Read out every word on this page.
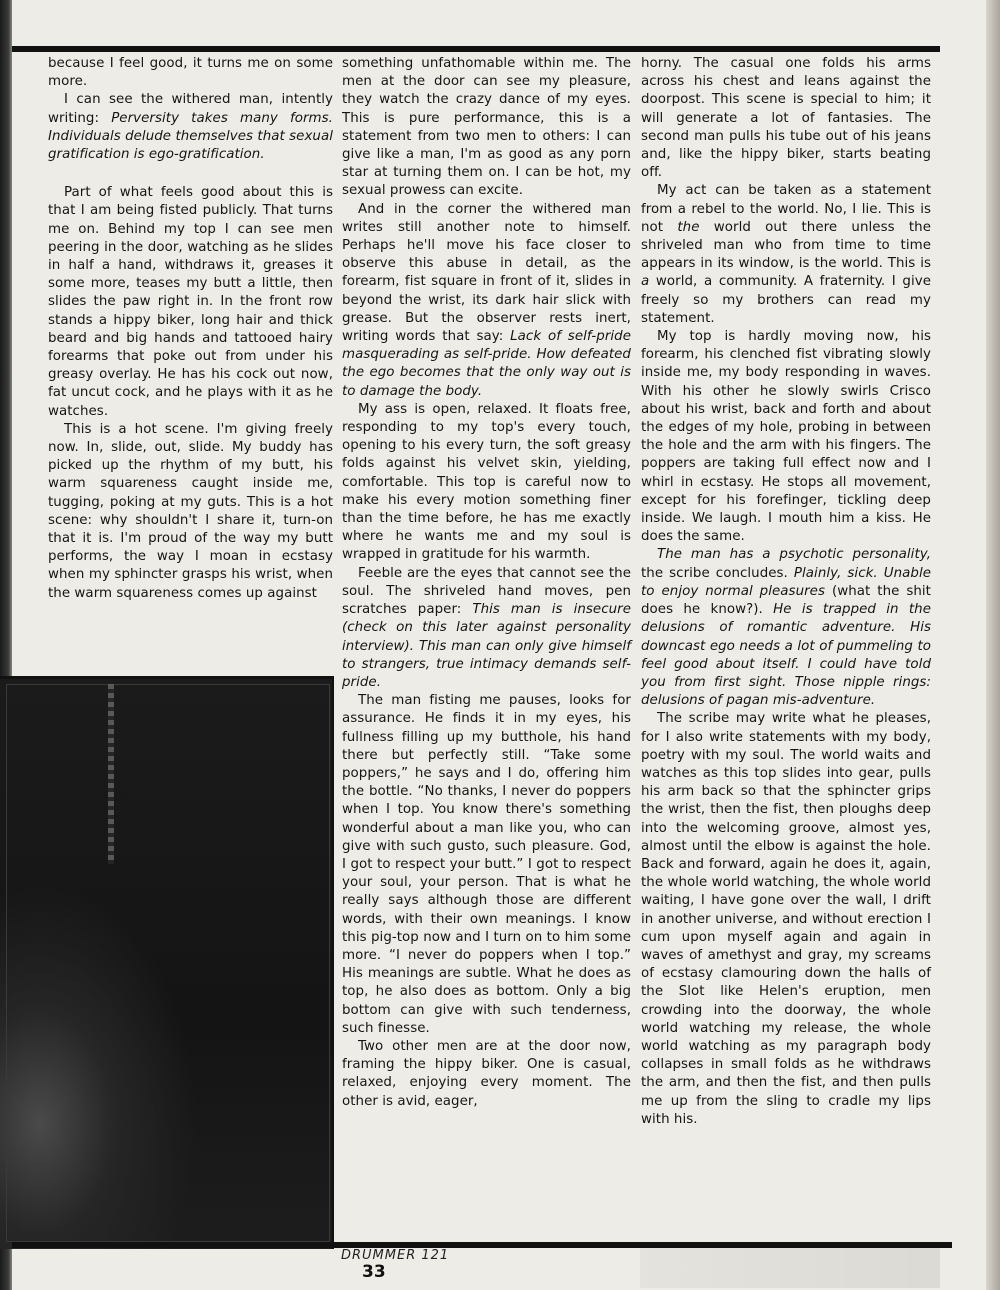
because I feel good, it turns me on some more.

I can see the withered man, intently writing: Perversity takes many forms. Individuals delude themselves that sexual gratification is ego-gratification.

Part of what feels good about this is that I am being fisted publicly. That turns me on. Behind my top I can see men peering in the door, watching as he slides in half a hand, withdraws it, greases it some more, teases my butt a little, then slides the paw right in. In the front row stands a hippy biker, long hair and thick beard and big hands and tattooed hairy forearms that poke out from under his greasy overlay. He has his cock out now, fat uncut cock, and he plays with it as he watches.

This is a hot scene. I'm giving freely now. In, slide, out, slide. My buddy has picked up the rhythm of my butt, his warm squareness caught inside me, tugging, poking at my guts. This is a hot scene: why shouldn't I share it, turn-on that it is. I'm proud of the way my butt performs, the way I moan in ecstasy when my sphincter grasps his wrist, when the warm squareness comes up against

something unfathomable within me. The men at the door can see my pleasure, they watch the crazy dance of my eyes. This is pure performance, this is a statement from two men to others: I can give like a man, I'm as good as any porn star at turning them on. I can be hot, my sexual prowess can excite.

And in the corner the withered man writes still another note to himself. Perhaps he'll move his face closer to observe this abuse in detail, as the forearm, fist square in front of it, slides in beyond the wrist, its dark hair slick with grease. But the observer rests inert, writing words that say: Lack of self-pride masquerading as self-pride. How defeated the ego becomes that the only way out is to damage the body.

My ass is open, relaxed. It floats free, responding to my top's every touch, opening to his every turn, the soft greasy folds against his velvet skin, yielding, comfortable. This top is careful now to make his every motion something finer than the time before, he has me exactly where he wants me and my soul is wrapped in gratitude for his warmth.

Feeble are the eyes that cannot see the soul. The shriveled hand moves, pen scratches paper: This man is insecure (check on this later against personality interview). This man can only give himself to strangers, true intimacy demands self-pride.

The man fisting me pauses, looks for assurance. He finds it in my eyes, his fullness filling up my butthole, his hand there but perfectly still. “Take some poppers,” he says and I do, offering him the bottle. “No thanks, I never do poppers when I top. You know there's something wonderful about a man like you, who can give with such gusto, such pleasure. God, I got to respect your butt.” I got to respect your soul, your person. That is what he really says although those are different words, with their own meanings. I know this pig-top now and I turn on to him some more. “I never do poppers when I top.” His meanings are subtle. What he does as top, he also does as bottom. Only a big bottom can give with such tenderness, such finesse.

Two other men are at the door now, framing the hippy biker. One is casual, relaxed, enjoying every moment. The other is avid, eager,

horny. The casual one folds his arms across his chest and leans against the doorpost. This scene is special to him; it will generate a lot of fantasies. The second man pulls his tube out of his jeans and, like the hippy biker, starts beating off.

My act can be taken as a statement from a rebel to the world. No, I lie. This is not the world out there unless the shriveled man who from time to time appears in its window, is the world. This is a world, a community. A fraternity. I give freely so my brothers can read my statement.

My top is hardly moving now, his forearm, his clenched fist vibrating slowly inside me, my body responding in waves. With his other he slowly swirls Crisco about his wrist, back and forth and about the edges of my hole, probing in between the hole and the arm with his fingers. The poppers are taking full effect now and I whirl in ecstasy. He stops all movement, except for his forefinger, tickling deep inside. We laugh. I mouth him a kiss. He does the same.

The man has a psychotic personality, the scribe concludes. Plainly, sick. Unable to enjoy normal pleasures (what the shit does he know?). He is trapped in the delusions of romantic adventure. His downcast ego needs a lot of pummeling to feel good about itself. I could have told you from first sight. Those nipple rings: delusions of pagan mis-adventure.

The scribe may write what he pleases, for I also write statements with my body, poetry with my soul. The world waits and watches as this top slides into gear, pulls his arm back so that the sphincter grips the wrist, then the fist, then ploughs deep into the welcoming groove, almost yes, almost until the elbow is against the hole. Back and forward, again he does it, again, the whole world watching, the whole world waiting, I have gone over the wall, I drift in another universe, and without erection I cum upon myself again and again in waves of amethyst and gray, my screams of ecstasy clamouring down the halls of the Slot like Helen's eruption, men crowding into the doorway, the whole world watching my release, the whole world watching as my paragraph body collapses in small folds as he withdraws the arm, and then the fist, and then pulls me up from the sling to cradle my lips with his.

DRUMMER 121
33
